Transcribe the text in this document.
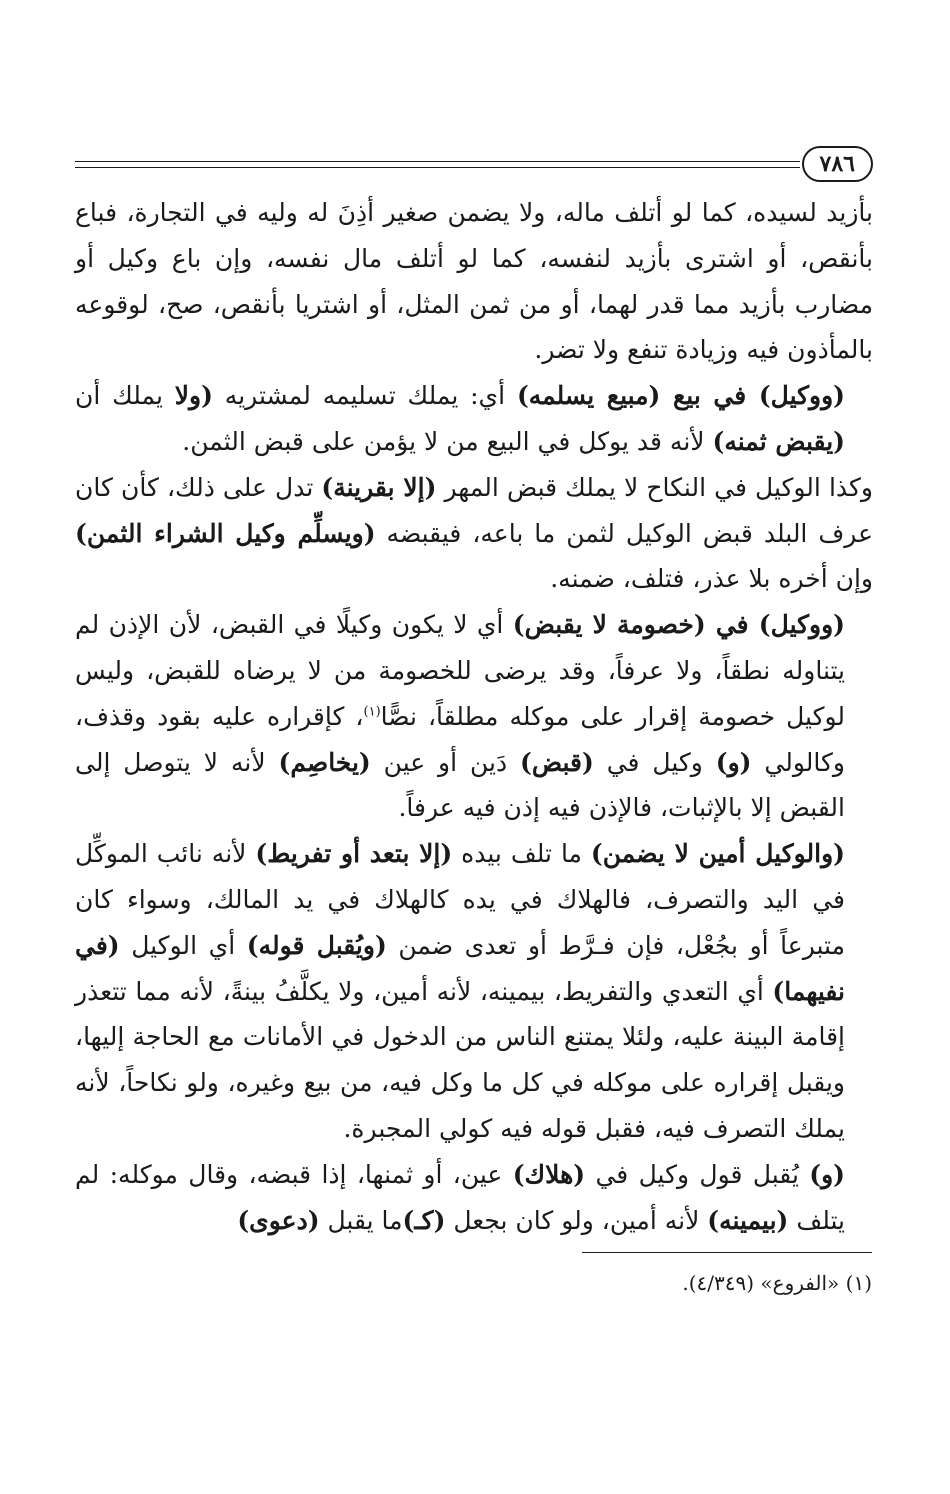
٧٨٦

بأزيد لسيده، كما لو أتلف ماله، ولا يضمن صغير أذِنَ له وليه في التجارة، فباع بأنقص، أو اشترى بأزيد لنفسه، كما لو أتلف مال نفسه، وإن باع وكيل أو مضارب بأزيد مما قدر لهما، أو من ثمن المثل، أو اشتريا بأنقص، صح، لوقوعه بالمأذون فيه وزيادة تنفع ولا تضر.

(ووكيل) في بيع (مبيع يسلمه) أي: يملك تسليمه لمشتريه (ولا يملك أن (يقبض ثمنه) لأنه قد يوكل في البيع من لا يؤمن على قبض الثمن.

وكذا الوكيل في النكاح لا يملك قبض المهر (إلا بقرينة) تدل على ذلك، كأن كان عرف البلد قبض الوكيل لثمن ما باعه، فيقبضه (ويسلِّم وكيل الشراء الثمن) وإن أخره بلا عذر، فتلف، ضمنه.

(ووكيل) في (خصومة لا يقبض) أي لا يكون وكيلًا في القبض، لأن الإذن لم يتناوله نطقاً، ولا عرفاً، وقد يرضى للخصومة من لا يرضاه للقبض، وليس لوكيل خصومة إقرار على موكله مطلقاً، نصًّا$^{(١)}$، كإقراره عليه بقود وقذف، وكالولي (و) وكيل في (قبض) دَين أو عين (يخاصِم) لأنه لا يتوصل إلى القبض إلا بالإثبات، فالإذن فيه إذن فيه عرفاً.

(والوكيل أمين لا يضمن) ما تلف بيده (إلا بتعد أو تفريط) لأنه نائب الموكِّل في اليد والتصرف، فالهلاك في يده كالهلاك في يد المالك، وسواء كان متبرعاً أو بجُعْل، فإن فـرَّط أو تعدى ضمن (ويُقبل قوله) أي الوكيل (في نفيهما) أي التعدي والتفريط، بيمينه، لأنه أمين، ولا يكلَّفُ بينةً، لأنه مما تتعذر إقامة البينة عليه، ولئلا يمتنع الناس من الدخول في الأمانات مع الحاجة إليها، ويقبل إقراره على موكله في كل ما وكل فيه، من بيع وغيره، ولو نكاحاً، لأنه يملك التصرف فيه، فقبل قوله فيه كولي المجبرة.

(و) يُقبل قول وكيل في (هلاك) عين، أو ثمنها، إذا قبضه، وقال موكله: لم يتلف (بيمينه) لأنه أمين، ولو كان بجعل (كـ)ما يقبل (دعوى)

(١) «الفروع» (٤/٣٤٩).
